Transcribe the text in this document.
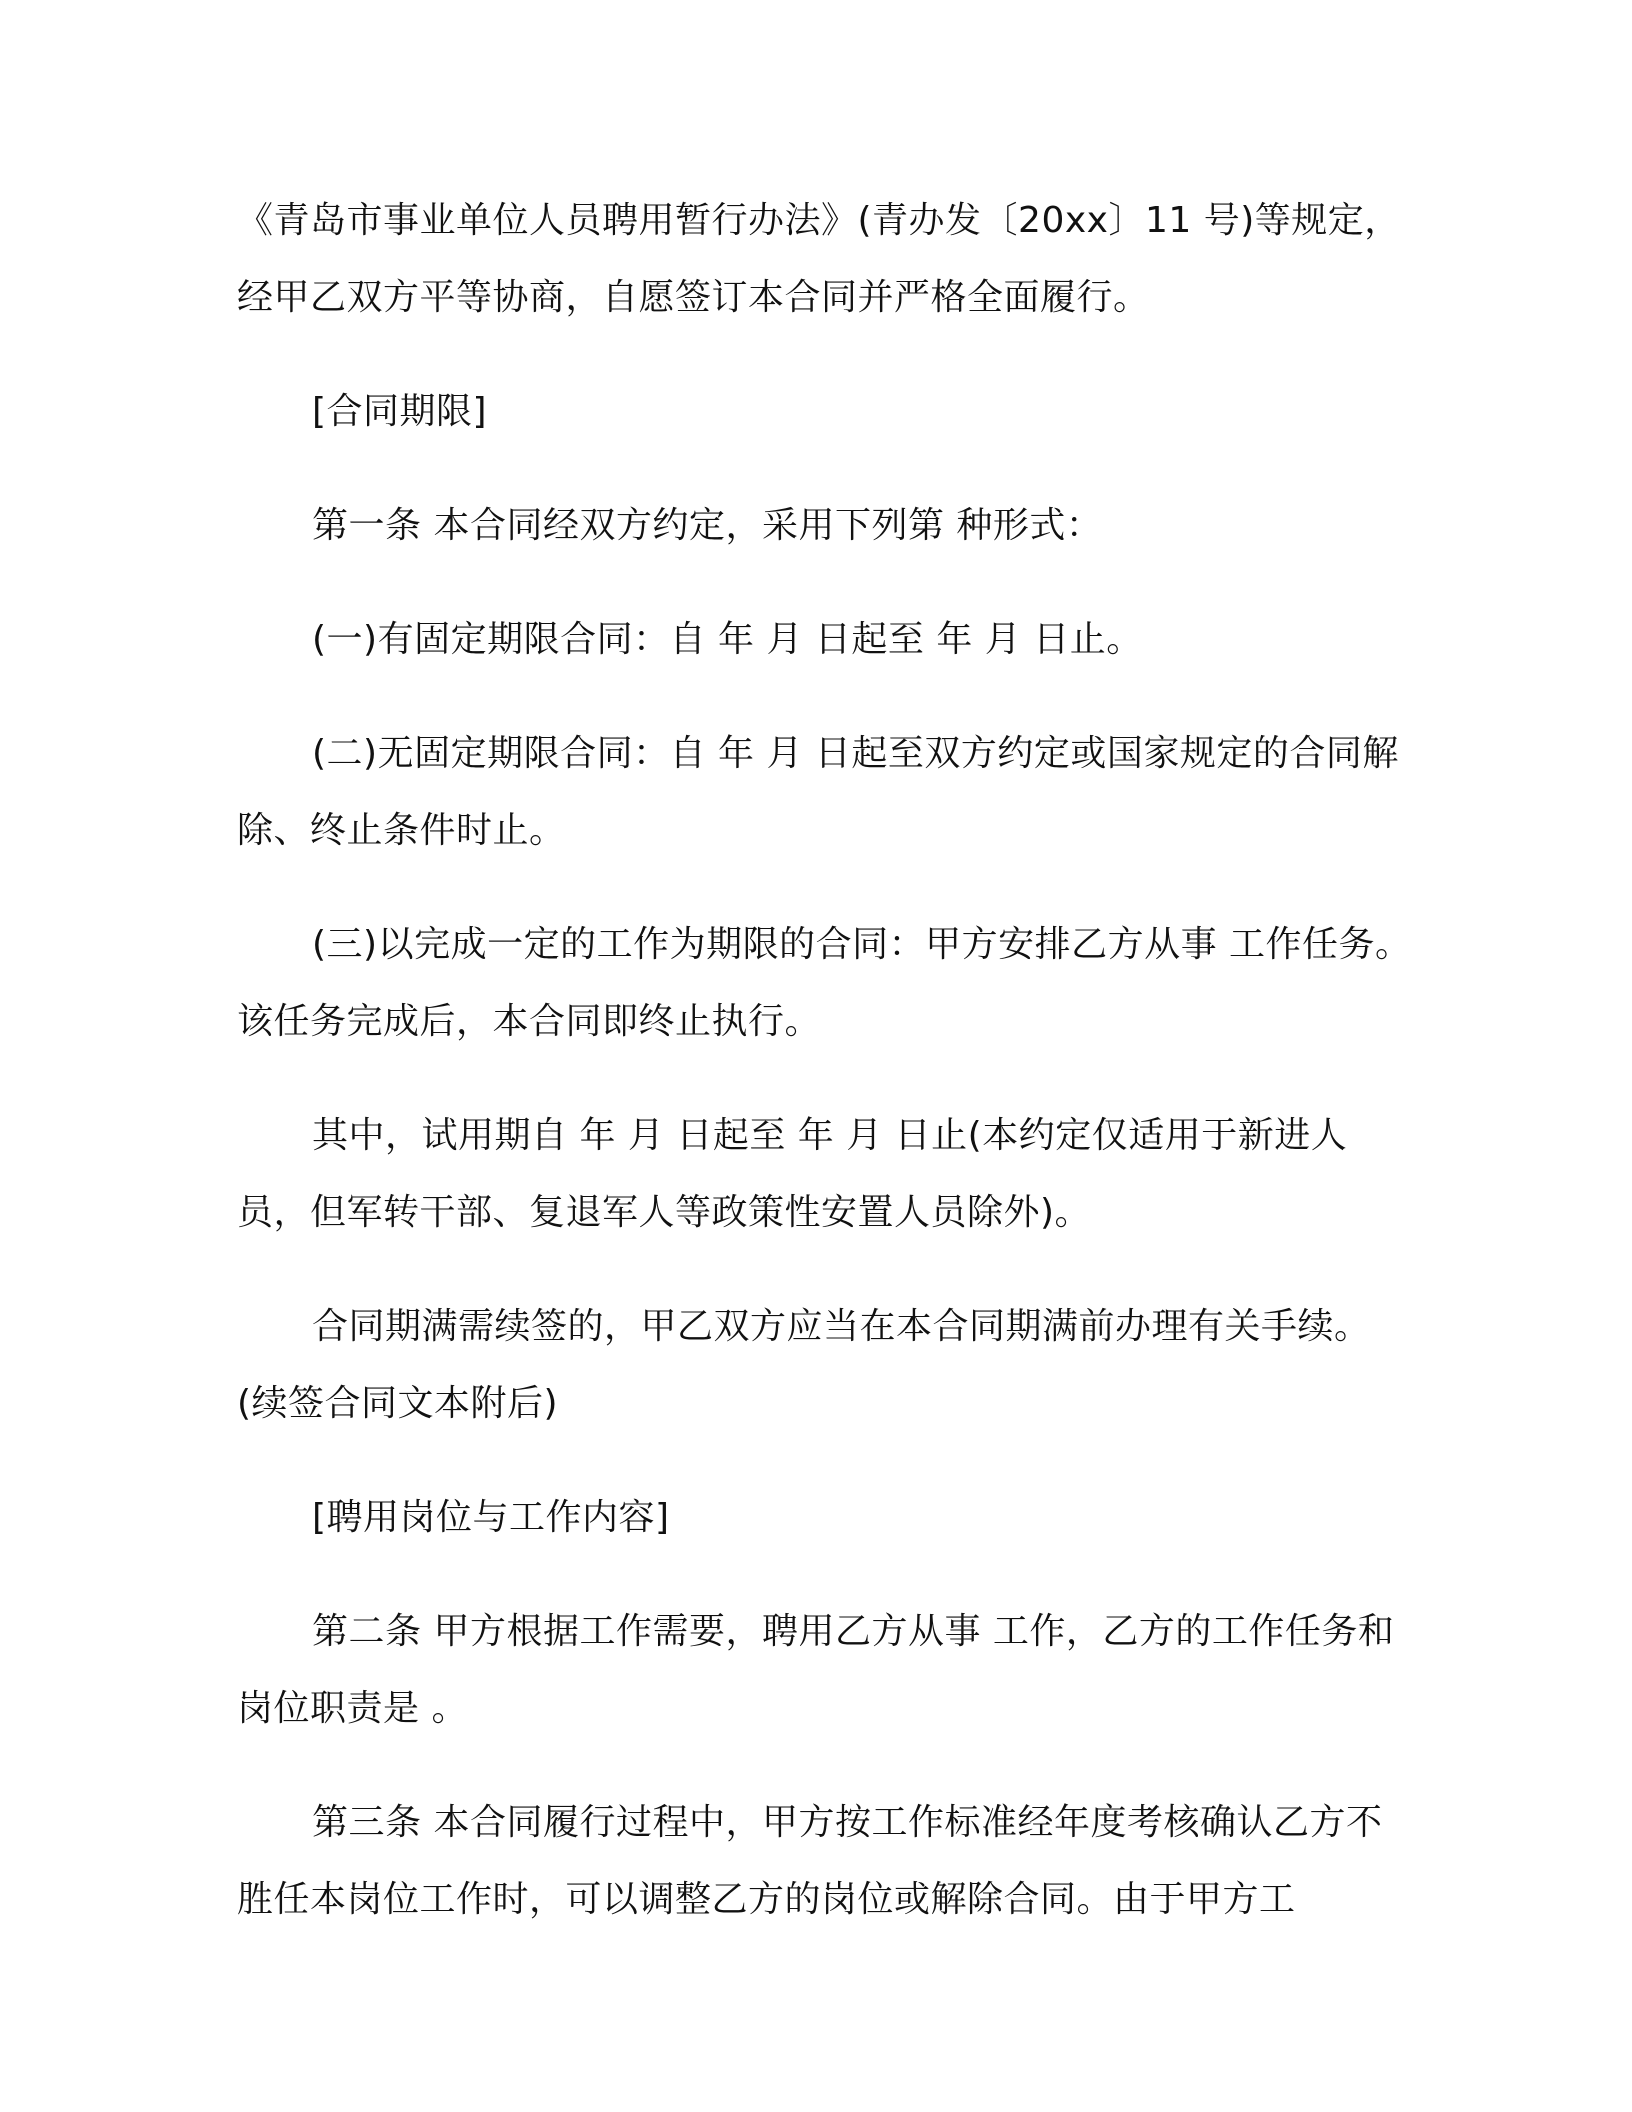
《青岛市事业单位人员聘用暂行办法》(青办发〔20xx〕11 号)等规定，经甲乙双方平等协商，自愿签订本合同并严格全面履行。

[合同期限]

第一条 本合同经双方约定，采用下列第 种形式：

(一)有固定期限合同：自 年 月 日起至 年 月 日止。

(二)无固定期限合同：自 年 月 日起至双方约定或国家规定的合同解除、终止条件时止。

(三)以完成一定的工作为期限的合同：甲方安排乙方从事 工作任务。该任务完成后，本合同即终止执行。

其中，试用期自 年 月 日起至 年 月 日止(本约定仅适用于新进人员，但军转干部、复退军人等政策性安置人员除外)。

合同期满需续签的，甲乙双方应当在本合同期满前办理有关手续。(续签合同文本附后)

[聘用岗位与工作内容]

第二条 甲方根据工作需要，聘用乙方从事 工作，乙方的工作任务和岗位职责是 。

第三条 本合同履行过程中，甲方按工作标准经年度考核确认乙方不胜任本岗位工作时，可以调整乙方的岗位或解除合同。由于甲方工
